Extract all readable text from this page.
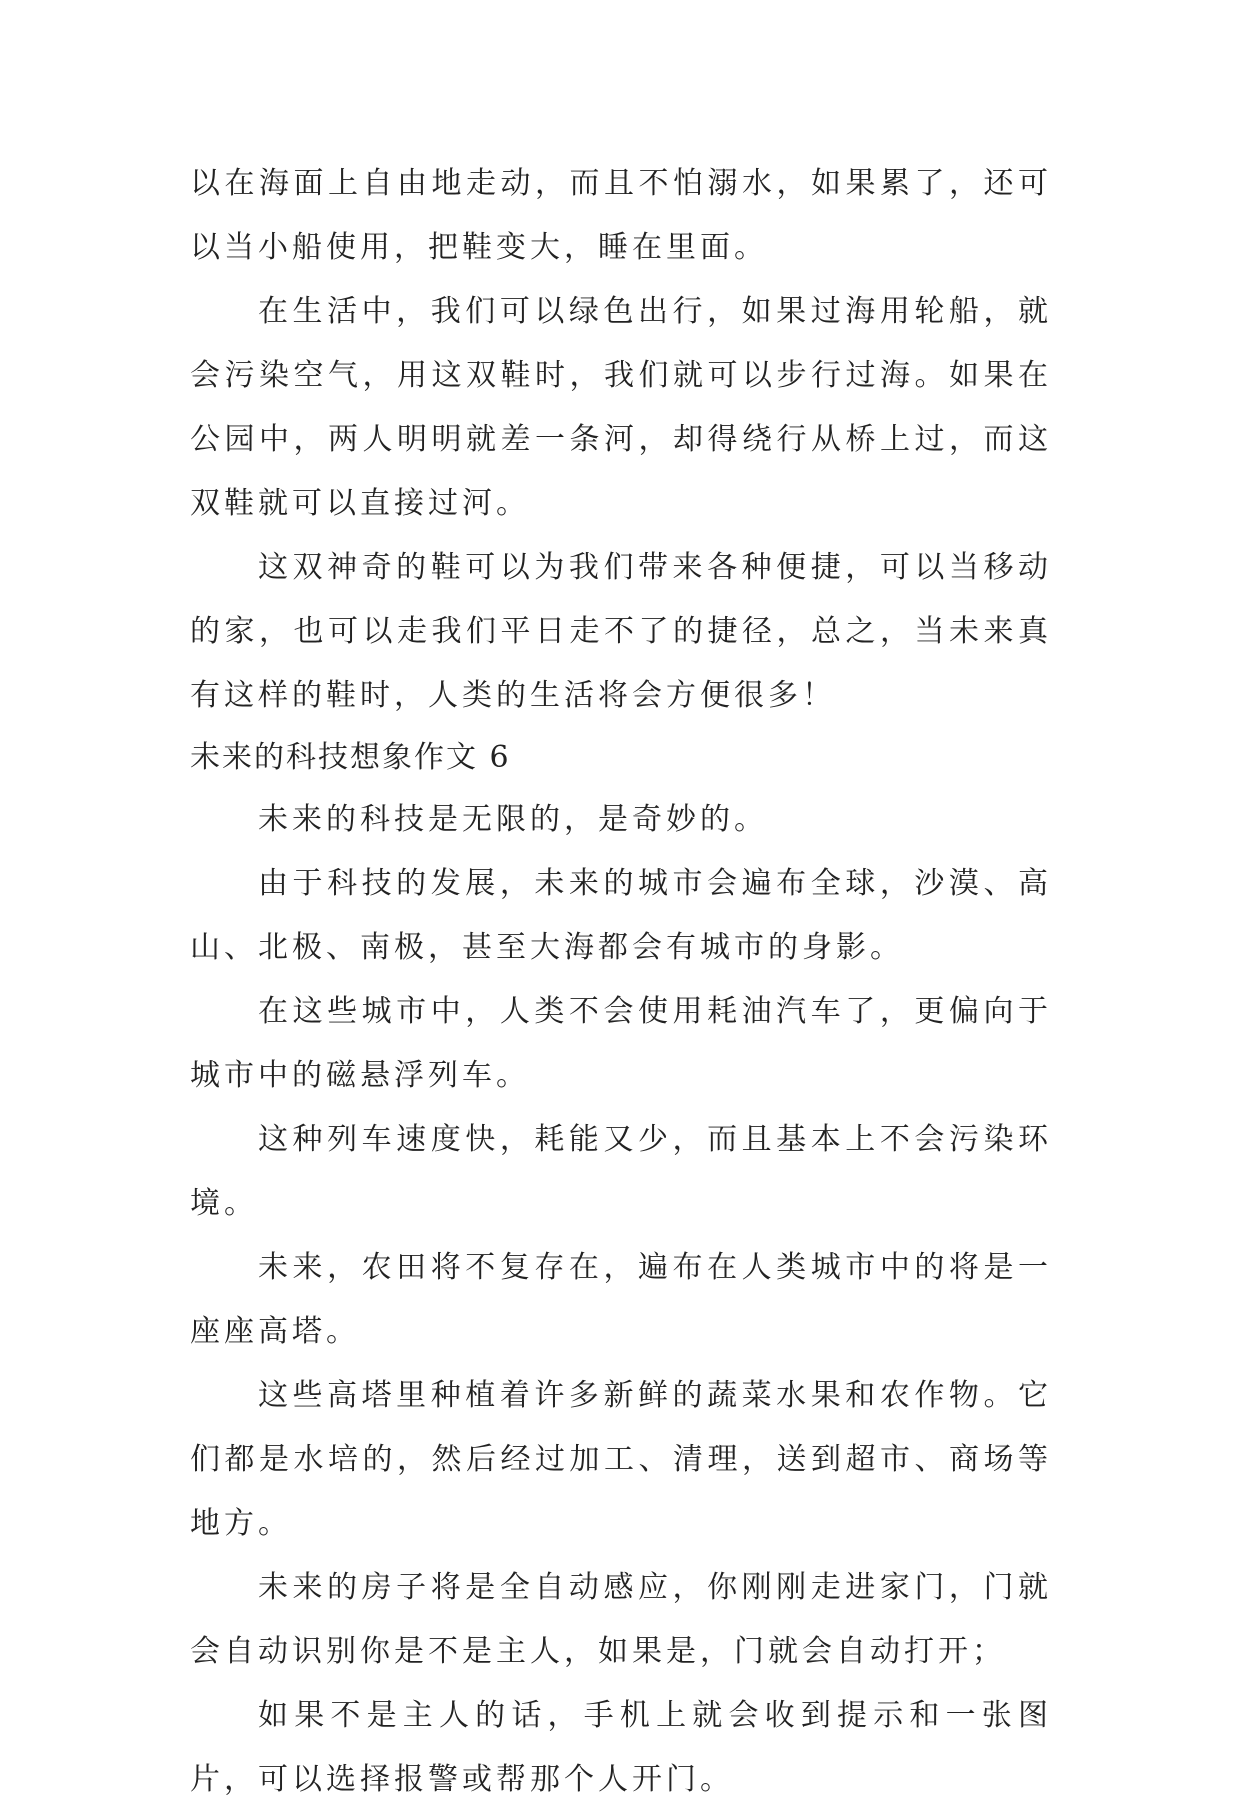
以在海面上自由地走动，而且不怕溺水，如果累了，还可以当小船使用，把鞋变大，睡在里面。

在生活中，我们可以绿色出行，如果过海用轮船，就会污染空气，用这双鞋时，我们就可以步行过海。如果在公园中，两人明明就差一条河，却得绕行从桥上过，而这双鞋就可以直接过河。

这双神奇的鞋可以为我们带来各种便捷，可以当移动的家，也可以走我们平日走不了的捷径，总之，当未来真有这样的鞋时，人类的生活将会方便很多！

未来的科技想象作文 6

未来的科技是无限的，是奇妙的。

由于科技的发展，未来的城市会遍布全球，沙漠、高山、北极、南极，甚至大海都会有城市的身影。

在这些城市中，人类不会使用耗油汽车了，更偏向于城市中的磁悬浮列车。

这种列车速度快，耗能又少，而且基本上不会污染环境。

未来，农田将不复存在，遍布在人类城市中的将是一座座高塔。

这些高塔里种植着许多新鲜的蔬菜水果和农作物。它们都是水培的，然后经过加工、清理，送到超市、商场等地方。

未来的房子将是全自动感应，你刚刚走进家门，门就会自动识别你是不是主人，如果是，门就会自动打开；

如果不是主人的话，手机上就会收到提示和一张图片，可以选择报警或帮那个人开门。
